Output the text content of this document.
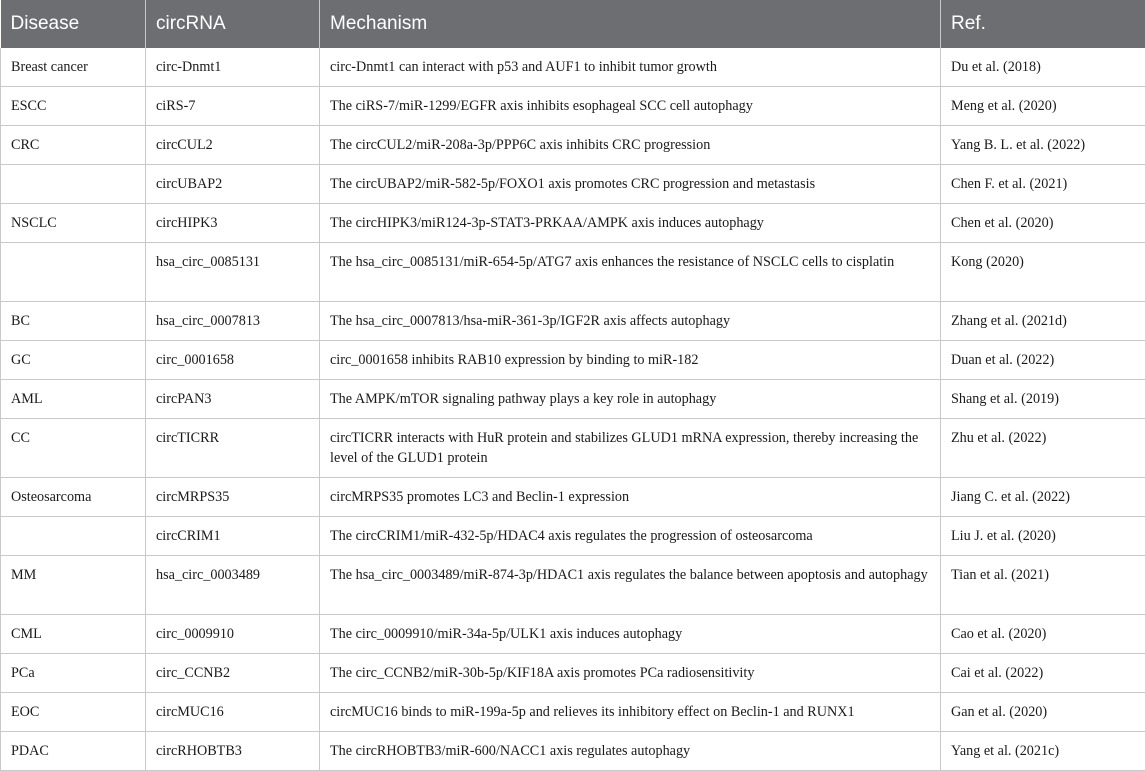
Disease	circRNA	Mechanism	Ref.
Breast cancer	circ-Dnmt1	circ-Dnmt1 can interact with p53 and AUF1 to inhibit tumor growth	Du et al. (2018)
ESCC	ciRS-7	The ciRS-7/miR-1299/EGFR axis inhibits esophageal SCC cell autophagy	Meng et al. (2020)
CRC	circCUL2	The circCUL2/miR-208a-3p/PPP6C axis inhibits CRC progression	Yang B. L. et al. (2022)
	circUBAP2	The circUBAP2/miR-582-5p/FOXO1 axis promotes CRC progression and metastasis	Chen F. et al. (2021)
NSCLC	circHIPK3	The circHIPK3/miR124-3p-STAT3-PRKAA/AMPK axis induces autophagy	Chen et al. (2020)
	hsa_circ_0085131	The hsa_circ_0085131/miR-654-5p/ATG7 axis enhances the resistance of NSCLC cells to cisplatin	Kong (2020)
BC	hsa_circ_0007813	The hsa_circ_0007813/hsa-miR-361-3p/IGF2R axis affects autophagy	Zhang et al. (2021d)
GC	circ_0001658	circ_0001658 inhibits RAB10 expression by binding to miR-182	Duan et al. (2022)
AML	circPAN3	The AMPK/mTOR signaling pathway plays a key role in autophagy	Shang et al. (2019)
CC	circTICRR	circTICRR interacts with HuR protein and stabilizes GLUD1 mRNA expression, thereby increasing the level of the GLUD1 protein	Zhu et al. (2022)
Osteosarcoma	circMRPS35	circMRPS35 promotes LC3 and Beclin-1 expression	Jiang C. et al. (2022)
	circCRIM1	The circCRIM1/miR-432-5p/HDAC4 axis regulates the progression of osteosarcoma	Liu J. et al. (2020)
MM	hsa_circ_0003489	The hsa_circ_0003489/miR-874-3p/HDAC1 axis regulates the balance between apoptosis and autophagy	Tian et al. (2021)
CML	circ_0009910	The circ_0009910/miR-34a-5p/ULK1 axis induces autophagy	Cao et al. (2020)
PCa	circ_CCNB2	The circ_CCNB2/miR-30b-5p/KIF18A axis promotes PCa radiosensitivity	Cai et al. (2022)
EOC	circMUC16	circMUC16 binds to miR-199a-5p and relieves its inhibitory effect on Beclin-1 and RUNX1	Gan et al. (2020)
PDAC	circRHOBTB3	The circRHOBTB3/miR-600/NACC1 axis regulates autophagy	Yang et al. (2021c)
